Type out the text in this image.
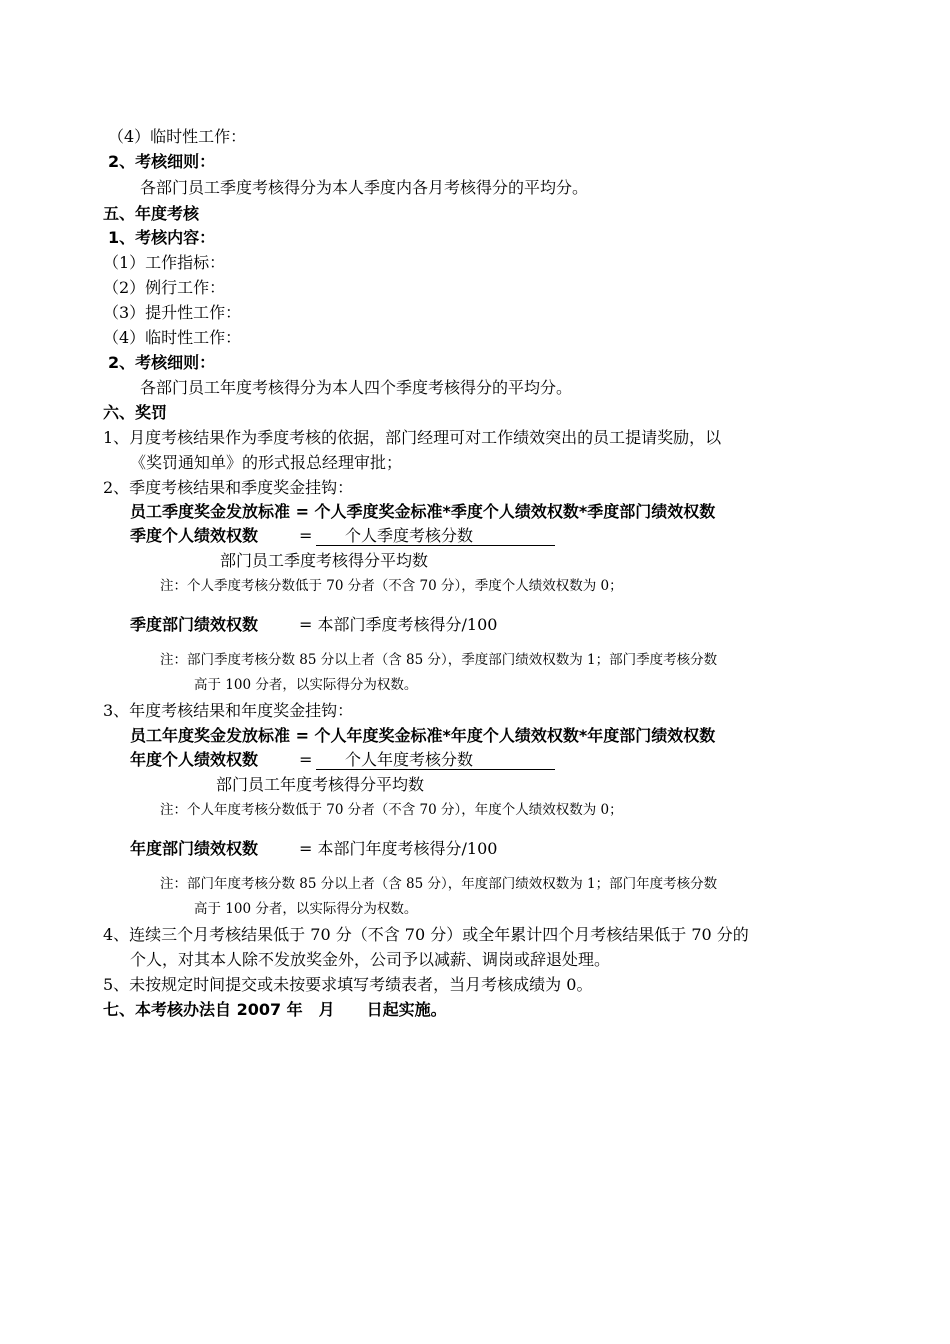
（4）临时性工作：
2、考核细则：
各部门员工季度考核得分为本人季度内各月考核得分的平均分。
五、年度考核
1、考核内容：
（1）工作指标：
（2）例行工作：
（3）提升性工作：
（4）临时性工作：
2、考核细则：
各部门员工年度考核得分为本人四个季度考核得分的平均分。
六、奖罚
1、月度考核结果作为季度考核的依据，部门经理可对工作绩效突出的员工提请奖励，以
《奖罚通知单》的形式报总经理审批；
2、季度考核结果和季度奖金挂钩：
员工季度奖金发放标准 = 个人季度奖金标准*季度个人绩效权数*季度部门绩效权数
季度个人绩效权数	= 个人季度考核分数
部门员工季度考核得分平均数
注：个人季度考核分数低于 70 分者（不含 70 分），季度个人绩效权数为 0；
季度部门绩效权数	= 本部门季度考核得分/100
注：部门季度考核分数 85 分以上者（含 85 分），季度部门绩效权数为 1；部门季度考核分数
高于 100 分者，以实际得分为权数。
3、年度考核结果和年度奖金挂钩：
员工年度奖金发放标准 = 个人年度奖金标准*年度个人绩效权数*年度部门绩效权数
年度个人绩效权数	= 个人年度考核分数
部门员工年度考核得分平均数
注：个人年度考核分数低于 70 分者（不含 70 分），年度个人绩效权数为 0；
年度部门绩效权数	= 本部门年度考核得分/100
注：部门年度考核分数 85 分以上者（含 85 分），年度部门绩效权数为 1；部门年度考核分数
高于 100 分者，以实际得分为权数。
4、连续三个月考核结果低于 70 分（不含 70 分）或全年累计四个月考核结果低于 70 分的
个人，对其本人除不发放奖金外，公司予以减薪、调岗或辞退处理。
5、未按规定时间提交或未按要求填写考绩表者，当月考核成绩为 0。
七、本考核办法自 2007 年　月　　日起实施。
